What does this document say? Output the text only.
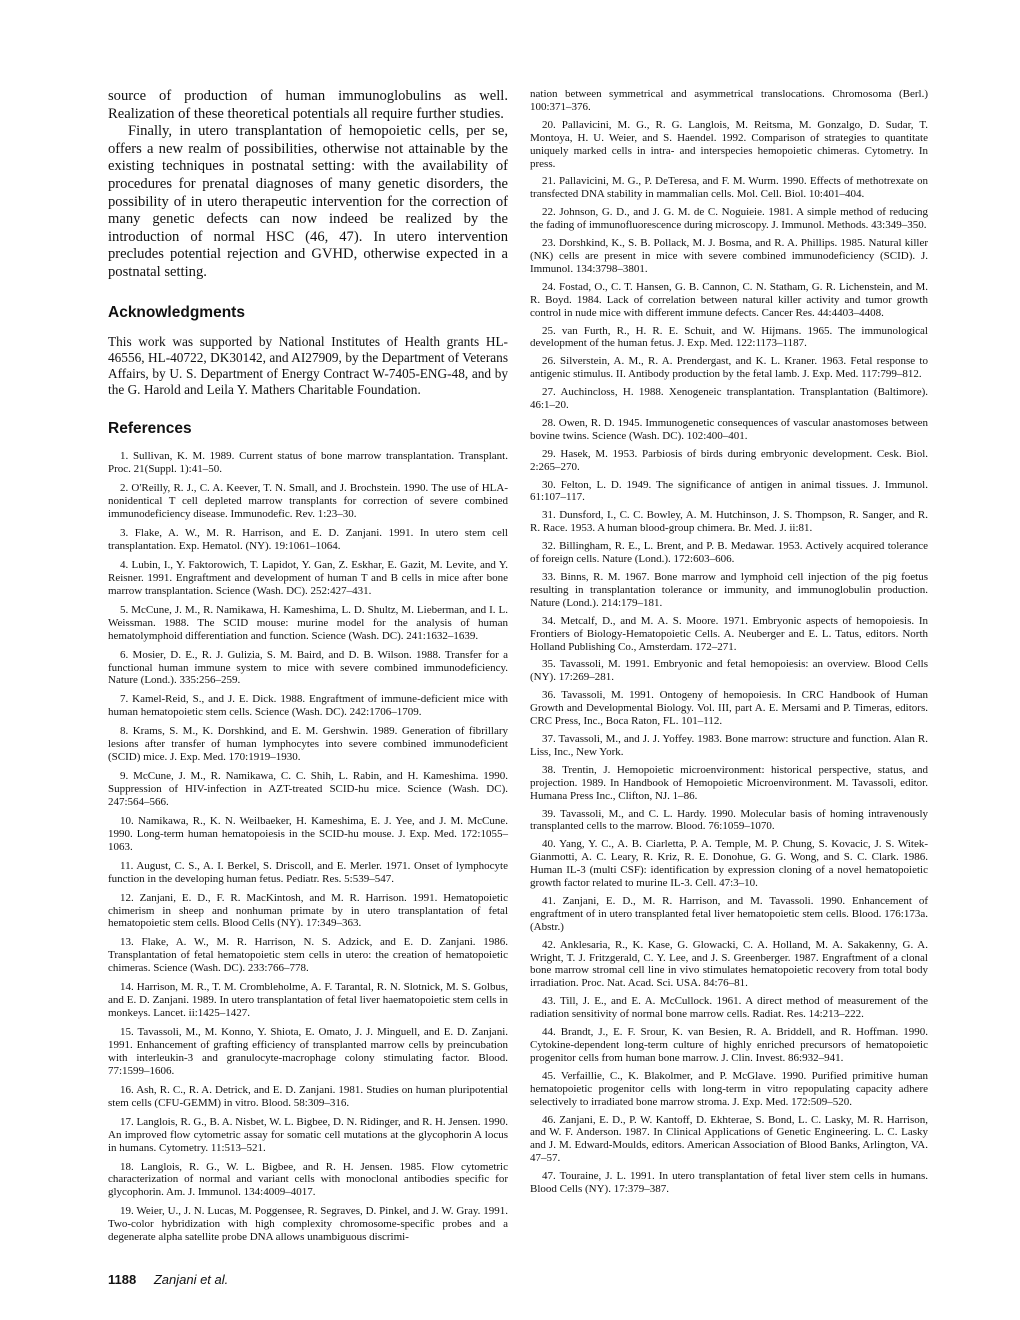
source of production of human immunoglobulins as well. Realization of these theoretical potentials all require further studies.

Finally, in utero transplantation of hemopoietic cells, per se, offers a new realm of possibilities, otherwise not attainable by the existing techniques in postnatal setting: with the availability of procedures for prenatal diagnoses of many genetic disorders, the possibility of in utero therapeutic intervention for the correction of many genetic defects can now indeed be realized by the introduction of normal HSC (46, 47). In utero intervention precludes potential rejection and GVHD, otherwise expected in a postnatal setting.

Acknowledgments

This work was supported by National Institutes of Health grants HL-46556, HL-40722, DK30142, and AI27909, by the Department of Veterans Affairs, by U. S. Department of Energy Contract W-7405-ENG-48, and by the G. Harold and Leila Y. Mathers Charitable Foundation.

References
1. Sullivan, K. M. 1989. Current status of bone marrow transplantation. Transplant. Proc. 21(Suppl. 1):41–50.
2. O'Reilly, R. J., C. A. Keever, T. N. Small, and J. Brochstein. 1990. The use of HLA-nonidentical T cell depleted marrow transplants for correction of severe combined immunodeficiency disease. Immunodefic. Rev. 1:23–30.
3. Flake, A. W., M. R. Harrison, and E. D. Zanjani. 1991. In utero stem cell transplantation. Exp. Hematol. (NY). 19:1061–1064.
4. Lubin, I., Y. Faktorowich, T. Lapidot, Y. Gan, Z. Eskhar, E. Gazit, M. Levite, and Y. Reisner. 1991. Engraftment and development of human T and B cells in mice after bone marrow transplantation. Science (Wash. DC). 252:427–431.
5. McCune, J. M., R. Namikawa, H. Kameshima, L. D. Shultz, M. Lieberman, and I. L. Weissman. 1988. The SCID mouse: murine model for the analysis of human hematolymphoid differentiation and function. Science (Wash. DC). 241:1632–1639.
6. Mosier, D. E., R. J. Gulizia, S. M. Baird, and D. B. Wilson. 1988. Transfer for a functional human immune system to mice with severe combined immunodeficiency. Nature (Lond.). 335:256–259.
7. Kamel-Reid, S., and J. E. Dick. 1988. Engraftment of immune-deficient mice with human hematopoietic stem cells. Science (Wash. DC). 242:1706–1709.
8. Krams, S. M., K. Dorshkind, and E. M. Gershwin. 1989. Generation of fibrillary lesions after transfer of human lymphocytes into severe combined immunodeficient (SCID) mice. J. Exp. Med. 170:1919–1930.
9. McCune, J. M., R. Namikawa, C. C. Shih, L. Rabin, and H. Kameshima. 1990. Suppression of HIV-infection in AZT-treated SCID-hu mice. Science (Wash. DC). 247:564–566.
10. Namikawa, R., K. N. Weilbaeker, H. Kameshima, E. J. Yee, and J. M. McCune. 1990. Long-term human hematopoiesis in the SCID-hu mouse. J. Exp. Med. 172:1055–1063.
11. August, C. S., A. I. Berkel, S. Driscoll, and E. Merler. 1971. Onset of lymphocyte function in the developing human fetus. Pediatr. Res. 5:539–547.
12. Zanjani, E. D., F. R. MacKintosh, and M. R. Harrison. 1991. Hematopoietic chimerism in sheep and nonhuman primate by in utero transplantation of fetal hematopoietic stem cells. Blood Cells (NY). 17:349–363.
13. Flake, A. W., M. R. Harrison, N. S. Adzick, and E. D. Zanjani. 1986. Transplantation of fetal hematopoietic stem cells in utero: the creation of hematopoietic chimeras. Science (Wash. DC). 233:766–778.
14. Harrison, M. R., T. M. Crombleholme, A. F. Tarantal, R. N. Slotnick, M. S. Golbus, and E. D. Zanjani. 1989. In utero transplantation of fetal liver haematopoietic stem cells in monkeys. Lancet. ii:1425–1427.
15. Tavassoli, M., M. Konno, Y. Shiota, E. Omato, J. J. Minguell, and E. D. Zanjani. 1991. Enhancement of grafting efficiency of transplanted marrow cells by preincubation with interleukin-3 and granulocyte-macrophage colony stimulating factor. Blood. 77:1599–1606.
16. Ash, R. C., R. A. Detrick, and E. D. Zanjani. 1981. Studies on human pluripotential stem cells (CFU-GEMM) in vitro. Blood. 58:309–316.
17. Langlois, R. G., B. A. Nisbet, W. L. Bigbee, D. N. Ridinger, and R. H. Jensen. 1990. An improved flow cytometric assay for somatic cell mutations at the glycophorin A locus in humans. Cytometry. 11:513–521.
18. Langlois, R. G., W. L. Bigbee, and R. H. Jensen. 1985. Flow cytometric characterization of normal and variant cells with monoclonal antibodies specific for glycophorin. Am. J. Immunol. 134:4009–4017.
19. Weier, U., J. N. Lucas, M. Poggensee, R. Segraves, D. Pinkel, and J. W. Gray. 1991. Two-color hybridization with high complexity chromosome-specific probes and a degenerate alpha satellite probe DNA allows unambiguous discrimi-
nation between symmetrical and asymmetrical translocations. Chromosoma (Berl.) 100:371–376.
20. Pallavicini, M. G., R. G. Langlois, M. Reitsma, M. Gonzalgo, D. Sudar, T. Montoya, H. U. Weier, and S. Haendel. 1992. Comparison of strategies to quantitate uniquely marked cells in intra- and interspecies hemopoietic chimeras. Cytometry. In press.
21. Pallavicini, M. G., P. DeTeresa, and F. M. Wurm. 1990. Effects of methotrexate on transfected DNA stability in mammalian cells. Mol. Cell. Biol. 10:401–404.
22. Johnson, G. D., and J. G. M. de C. Noguieie. 1981. A simple method of reducing the fading of immunofluorescence during microscopy. J. Immunol. Methods. 43:349–350.
23. Dorshkind, K., S. B. Pollack, M. J. Bosma, and R. A. Phillips. 1985. Natural killer (NK) cells are present in mice with severe combined immunodeficiency (SCID). J. Immunol. 134:3798–3801.
24. Fostad, O., C. T. Hansen, G. B. Cannon, C. N. Statham, G. R. Lichenstein, and M. R. Boyd. 1984. Lack of correlation between natural killer activity and tumor growth control in nude mice with different immune defects. Cancer Res. 44:4403–4408.
25. van Furth, R., H. R. E. Schuit, and W. Hijmans. 1965. The immunological development of the human fetus. J. Exp. Med. 122:1173–1187.
26. Silverstein, A. M., R. A. Prendergast, and K. L. Kraner. 1963. Fetal response to antigenic stimulus. II. Antibody production by the fetal lamb. J. Exp. Med. 117:799–812.
27. Auchincloss, H. 1988. Xenogeneic transplantation. Transplantation (Baltimore). 46:1–20.
28. Owen, R. D. 1945. Immunogenetic consequences of vascular anastomoses between bovine twins. Science (Wash. DC). 102:400–401.
29. Hasek, M. 1953. Parbiosis of birds during embryonic development. Cesk. Biol. 2:265–270.
30. Felton, L. D. 1949. The significance of antigen in animal tissues. J. Immunol. 61:107–117.
31. Dunsford, I., C. C. Bowley, A. M. Hutchinson, J. S. Thompson, R. Sanger, and R. R. Race. 1953. A human blood-group chimera. Br. Med. J. ii:81.
32. Billingham, R. E., L. Brent, and P. B. Medawar. 1953. Actively acquired tolerance of foreign cells. Nature (Lond.). 172:603–606.
33. Binns, R. M. 1967. Bone marrow and lymphoid cell injection of the pig foetus resulting in transplantation tolerance or immunity, and immunoglobulin production. Nature (Lond.). 214:179–181.
34. Metcalf, D., and M. A. S. Moore. 1971. Embryonic aspects of hemopoiesis. In Frontiers of Biology-Hematopoietic Cells. A. Neuberger and E. L. Tatus, editors. North Holland Publishing Co., Amsterdam. 172–271.
35. Tavassoli, M. 1991. Embryonic and fetal hemopoiesis: an overview. Blood Cells (NY). 17:269–281.
36. Tavassoli, M. 1991. Ontogeny of hemopoiesis. In CRC Handbook of Human Growth and Developmental Biology. Vol. III, part A. E. Mersami and P. Timeras, editors. CRC Press, Inc., Boca Raton, FL. 101–112.
37. Tavassoli, M., and J. J. Yoffey. 1983. Bone marrow: structure and function. Alan R. Liss, Inc., New York.
38. Trentin, J. Hemopoietic microenvironment: historical perspective, status, and projection. 1989. In Handbook of Hemopoietic Microenvironment. M. Tavassoli, editor. Humana Press Inc., Clifton, NJ. 1–86.
39. Tavassoli, M., and C. L. Hardy. 1990. Molecular basis of homing intravenously transplanted cells to the marrow. Blood. 76:1059–1070.
40. Yang, Y. C., A. B. Ciarletta, P. A. Temple, M. P. Chung, S. Kovacic, J. S. Witek-Gianmotti, A. C. Leary, R. Kriz, R. E. Donohue, G. G. Wong, and S. C. Clark. 1986. Human IL-3 (multi CSF): identification by expression cloning of a novel hematopoietic growth factor related to murine IL-3. Cell. 47:3–10.
41. Zanjani, E. D., M. R. Harrison, and M. Tavassoli. 1990. Enhancement of engraftment of in utero transplanted fetal liver hematopoietic stem cells. Blood. 176:173a. (Abstr.)
42. Anklesaria, R., K. Kase, G. Glowacki, C. A. Holland, M. A. Sakakenny, G. A. Wright, T. J. Fritzgerald, C. Y. Lee, and J. S. Greenberger. 1987. Engraftment of a clonal bone marrow stromal cell line in vivo stimulates hematopoietic recovery from total body irradiation. Proc. Nat. Acad. Sci. USA. 84:76–81.
43. Till, J. E., and E. A. McCullock. 1961. A direct method of measurement of the radiation sensitivity of normal bone marrow cells. Radiat. Res. 14:213–222.
44. Brandt, J., E. F. Srour, K. van Besien, R. A. Briddell, and R. Hoffman. 1990. Cytokine-dependent long-term culture of highly enriched precursors of hematopoietic progenitor cells from human bone marrow. J. Clin. Invest. 86:932–941.
45. Verfaillie, C., K. Blakolmer, and P. McGlave. 1990. Purified primitive human hematopoietic progenitor cells with long-term in vitro repopulating capacity adhere selectively to irradiated bone marrow stroma. J. Exp. Med. 172:509–520.
46. Zanjani, E. D., P. W. Kantoff, D. Ekhterae, S. Bond, L. C. Lasky, M. R. Harrison, and W. F. Anderson. 1987. In Clinical Applications of Genetic Engineering. L. C. Lasky and J. M. Edward-Moulds, editors. American Association of Blood Banks, Arlington, VA. 47–57.
47. Touraine, J. L. 1991. In utero transplantation of fetal liver stem cells in humans. Blood Cells (NY). 17:379–387.
1188 Zanjani et al.
